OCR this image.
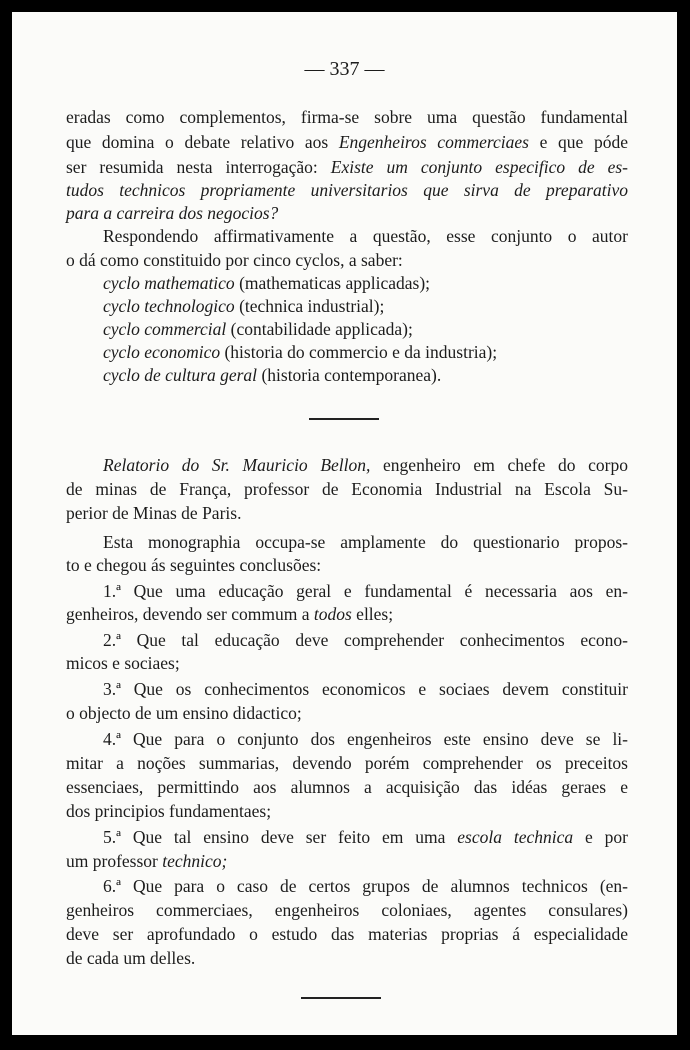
— 337 —
eradas como complementos, firma-se sobre uma questão fundamental
que domina o debate relativo aos Engenheiros commerciaes e que póde
ser resumida nesta interrogação: Existe um conjunto especifico de es-
tudos technicos propriamente universitarios que sirva de preparativo
para a carreira dos negocios?
Respondendo affirmativamente a questão, esse conjunto o autor
o dá como constituido por cinco cyclos, a saber:
cyclo mathematico (mathematicas applicadas);
cyclo technologico (technica industrial);
cyclo commercial (contabilidade applicada);
cyclo economico (historia do commercio e da industria);
cyclo de cultura geral (historia contemporanea).
Relatorio do Sr. Mauricio Bellon, engenheiro em chefe do corpo
de minas de França, professor de Economia Industrial na Escola Su-
perior de Minas de Paris.
Esta monographia occupa-se amplamente do questionario propos-
to e chegou ás seguintes conclusões:
1.ª Que uma educação geral e fundamental é necessaria aos en-
genheiros, devendo ser commum a todos elles;
2.ª Que tal educação deve comprehender conhecimentos econo-
micos e sociaes;
3.ª Que os conhecimentos economicos e sociaes devem constituir
o objecto de um ensino didactico;
4.ª Que para o conjunto dos engenheiros este ensino deve se li-
mitar a noções summarias, devendo porém comprehender os preceitos
essenciaes, permittindo aos alumnos a acquisição das idéas geraes e
dos principios fundamentaes;
5.ª Que tal ensino deve ser feito em uma escola technica e por
um professor technico;
6.ª Que para o caso de certos grupos de alumnos technicos (en-
genheiros commerciaes, engenheiros coloniaes, agentes consulares)
deve ser aprofundado o estudo das materias proprias á especialidade
de cada um delles.
